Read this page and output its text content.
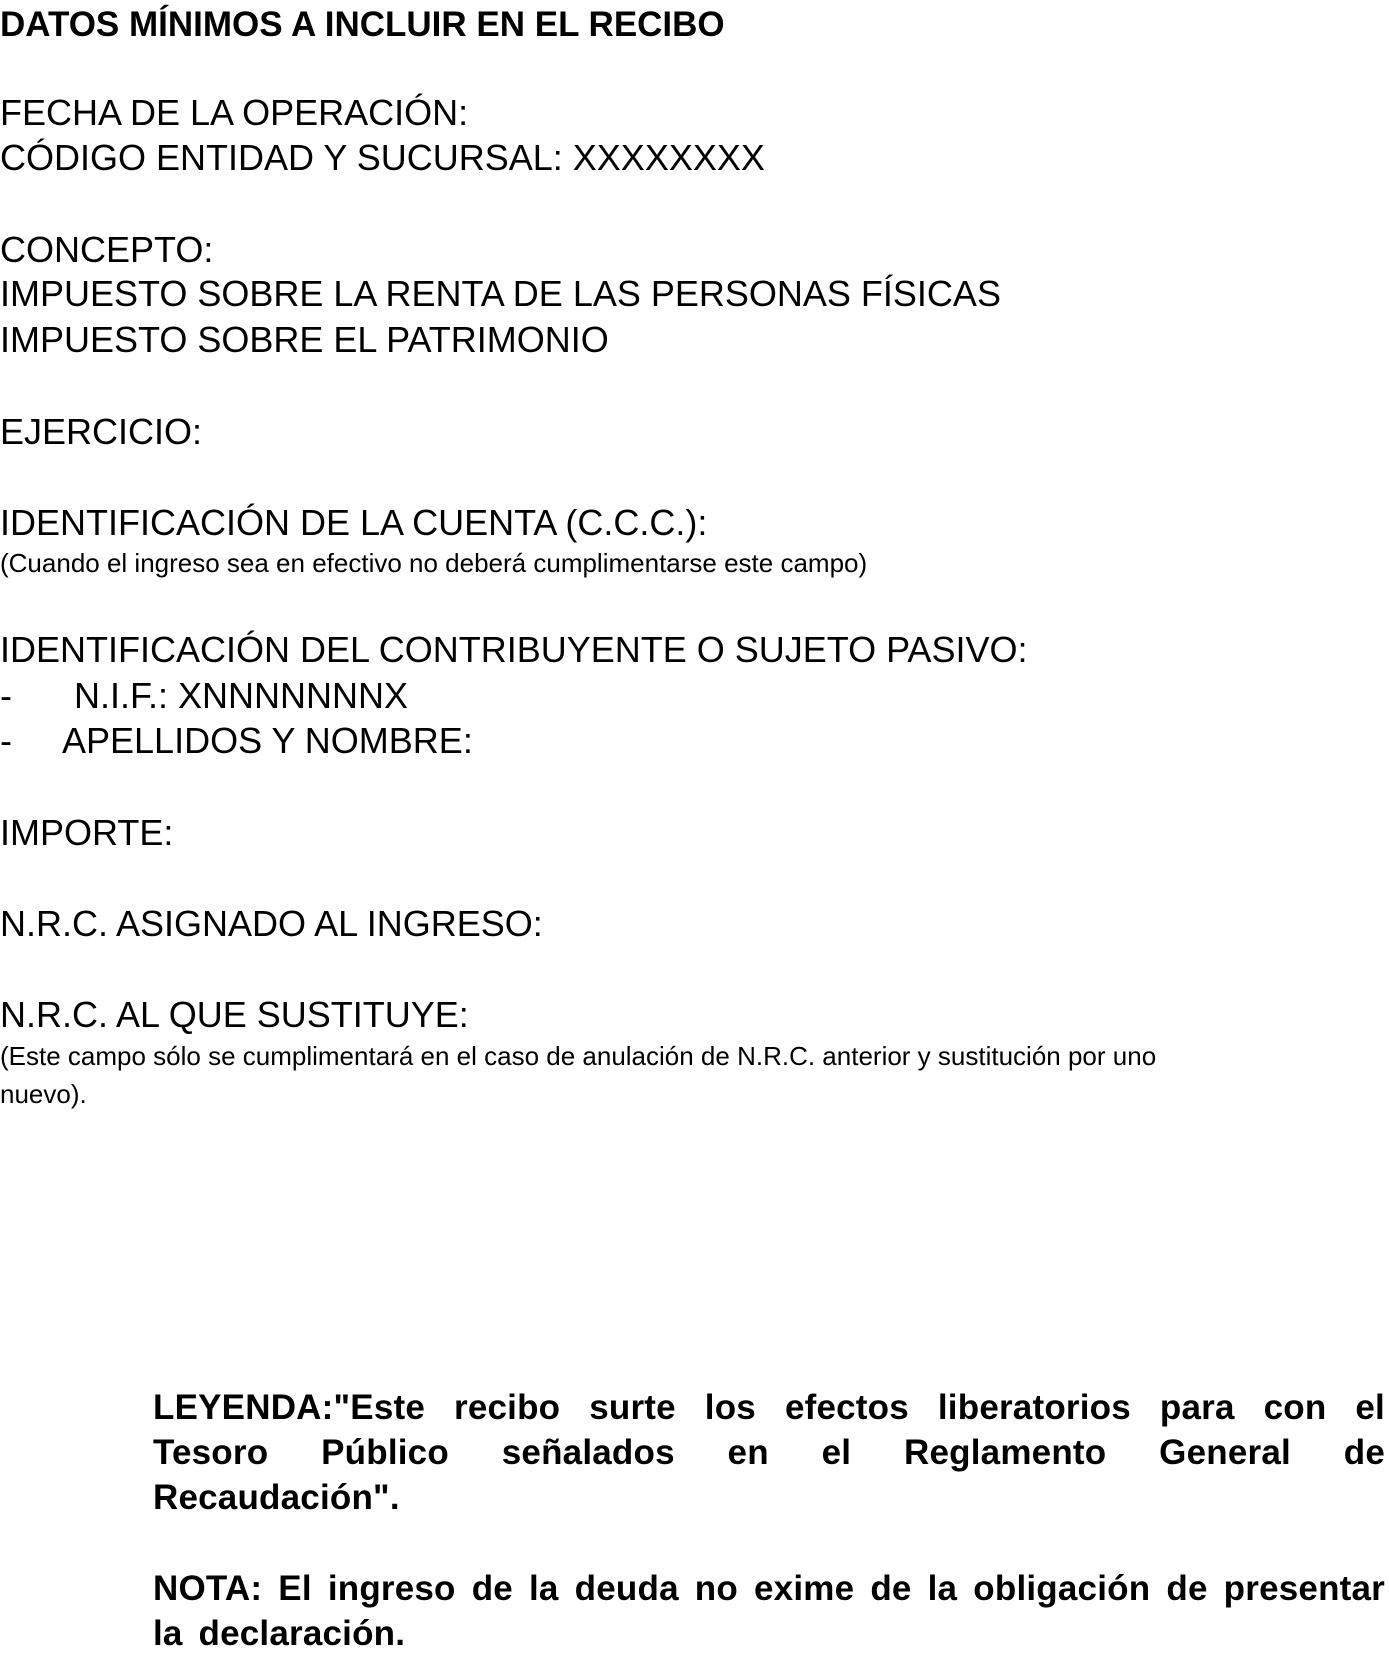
DATOS MÍNIMOS A INCLUIR EN EL RECIBO
FECHA DE LA OPERACIÓN:
CÓDIGO ENTIDAD Y SUCURSAL: XXXXXXXX
CONCEPTO:
IMPUESTO SOBRE LA RENTA DE LAS PERSONAS FÍSICAS
IMPUESTO SOBRE EL PATRIMONIO
EJERCICIO:
IDENTIFICACIÓN DE LA CUENTA (C.C.C.):
(Cuando el ingreso sea en efectivo no deberá cumplimentarse este campo)
IDENTIFICACIÓN DEL CONTRIBUYENTE O SUJETO PASIVO:
- N.I.F.: XNNNNNNNX
- APELLIDOS Y NOMBRE:
IMPORTE:
N.R.C. ASIGNADO AL INGRESO:
N.R.C. AL QUE SUSTITUYE:
(Este campo sólo se cumplimentará en el caso de anulación de N.R.C. anterior y sustitución por uno
nuevo).
LEYENDA:"Este recibo surte los efectos liberatorios para con el Tesoro Público señalados en el Reglamento General de Recaudación".
NOTA: El ingreso de la deuda no exime de la obligación de presentar la declaración.
